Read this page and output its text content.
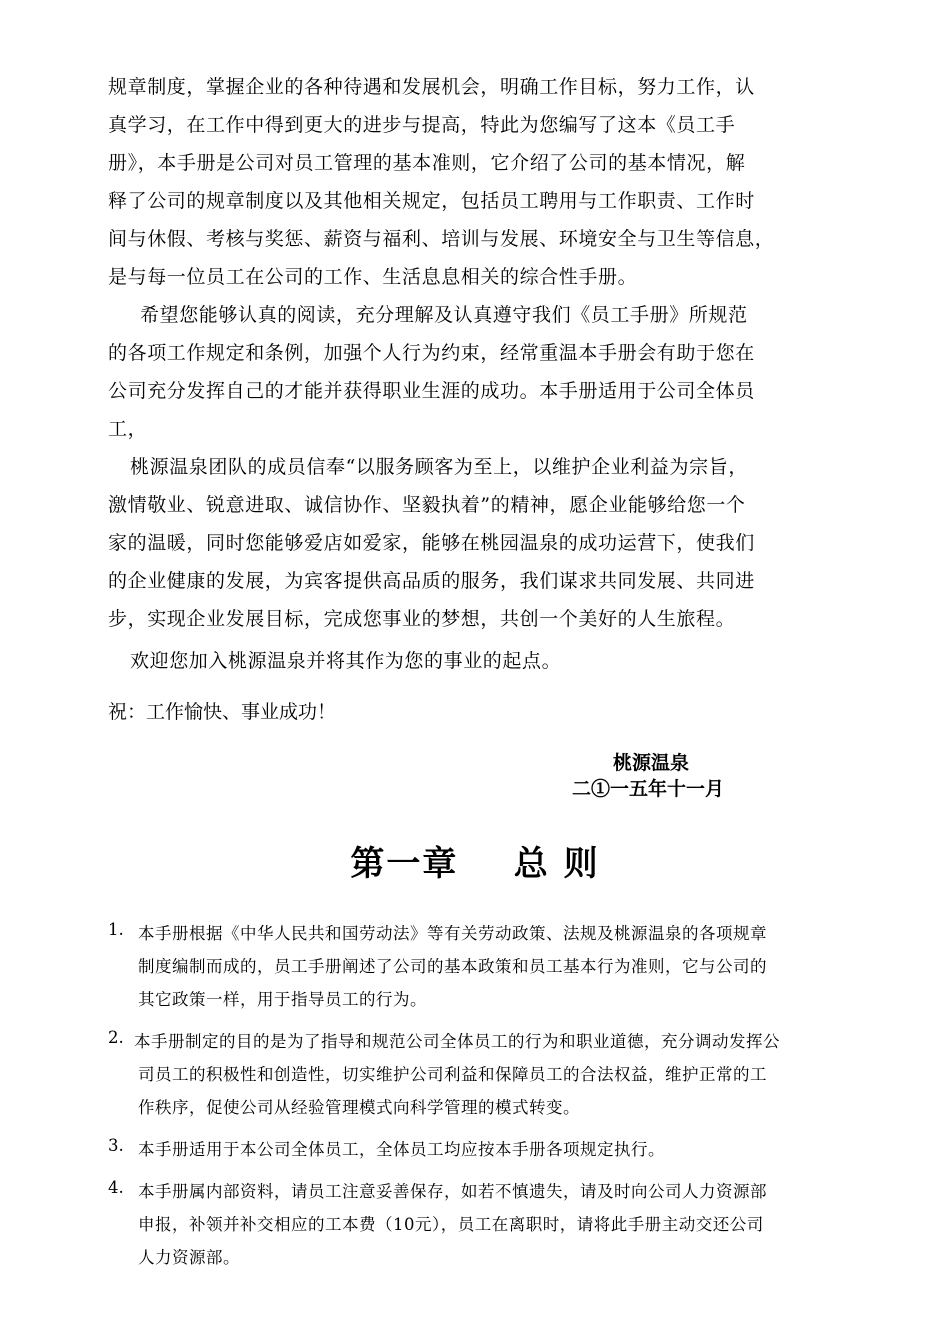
规章制度，掌握企业的各种待遇和发展机会，明确工作目标，努力工作，认
真学习，在工作中得到更大的进步与提高，特此为您编写了这本《员工手
册》，本手册是公司对员工管理的基本准则，它介绍了公司的基本情况，解
释了公司的规章制度以及其他相关规定，包括员工聘用与工作职责、工作时
间与休假、考核与奖惩、薪资与福利、培训与发展、环境安全与卫生等信息，
是与每一位员工在公司的工作、生活息息相关的综合性手册。
希望您能够认真的阅读，充分理解及认真遵守我们《员工手册》所规范
的各项工作规定和条例，加强个人行为约束，经常重温本手册会有助于您在
公司充分发挥自己的才能并获得职业生涯的成功。本手册适用于公司全体员
工，
桃源温泉团队的成员信奉“以服务顾客为至上，以维护企业利益为宗旨，
激情敬业、锐意进取、诚信协作、坚毅执着”的精神，愿企业能够给您一个
家的温暖，同时您能够爱店如爱家，能够在桃园温泉的成功运营下，使我们
的企业健康的发展，为宾客提供高品质的服务，我们谋求共同发展、共同进
步，实现企业发展目标，完成您事业的梦想，共创一个美好的人生旅程。
欢迎您加入桃源温泉并将其作为您的事业的起点。
祝：工作愉快、事业成功！
桃源温泉
二①一五年十一月
第一章    总 则
1. 本手册根据《中华人民共和国劳动法》等有关劳动政策、法规及桃源温泉的各项规章
制度编制而成的，员工手册阐述了公司的基本政策和员工基本行为准则，它与公司的
其它政策一样，用于指导员工的行为。
2. 本手册制定的目的是为了指导和规范公司全体员工的行为和职业道德，充分调动发挥公
司员工的积极性和创造性，切实维护公司利益和保障员工的合法权益，维护正常的工
作秩序，促使公司从经验管理模式向科学管理的模式转变。
3. 本手册适用于本公司全体员工，全体员工均应按本手册各项规定执行。
4. 本手册属内部资料，请员工注意妥善保存，如若不慎遗失，请及时向公司人力资源部
申报，补领并补交相应的工本费（10元），员工在离职时，请将此手册主动交还公司
人力资源部。
